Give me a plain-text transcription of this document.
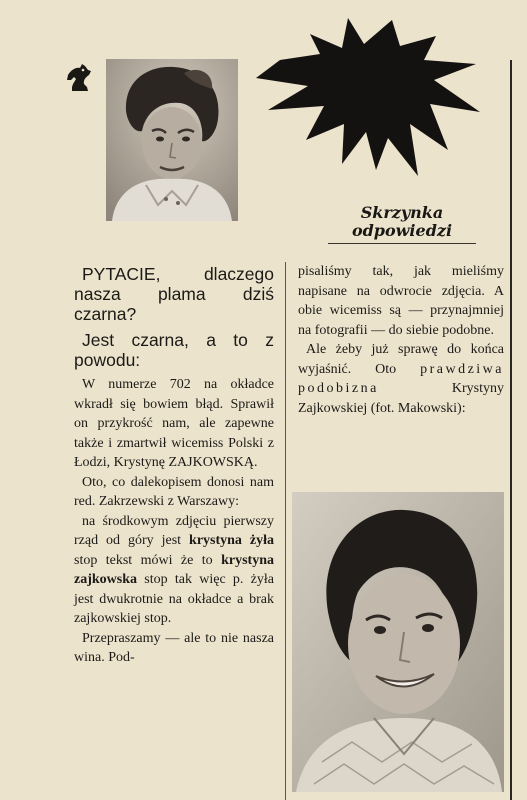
Skrzynka
odpowiedzi

PYTACIE, dlaczego nasza plama dziś czarna?

Jest czarna, a to z powodu:

W numerze 702 na okładce wkradł się bowiem błąd. Sprawił on przykrość nam, ale zapewne także i zmartwił wicemiss Polski z Łodzi, Krystynę ZAJKOWSKĄ.

Oto, co dalekopisem donosi nam red. Zakrzewski z Warszawy:

na środkowym zdjęciu pierwszy rząd od góry jest krystyna żyła stop tekst mówi że to krystyna zajkowska stop tak więc p. żyła jest dwukrotnie na okładce a brak zajkowskiej stop.

Przepraszamy — ale to nie nasza wina. Pod-

pisaliśmy tak, jak mieliśmy napisane na odwrocie zdjęcia. A obie wicemiss są — przynajmniej na fotografii — do siebie podobne.

Ale żeby już sprawę do końca wyjaśnić. Oto prawdziwa podobizna Krystyny Zajkowskiej (fot. Makowski):
